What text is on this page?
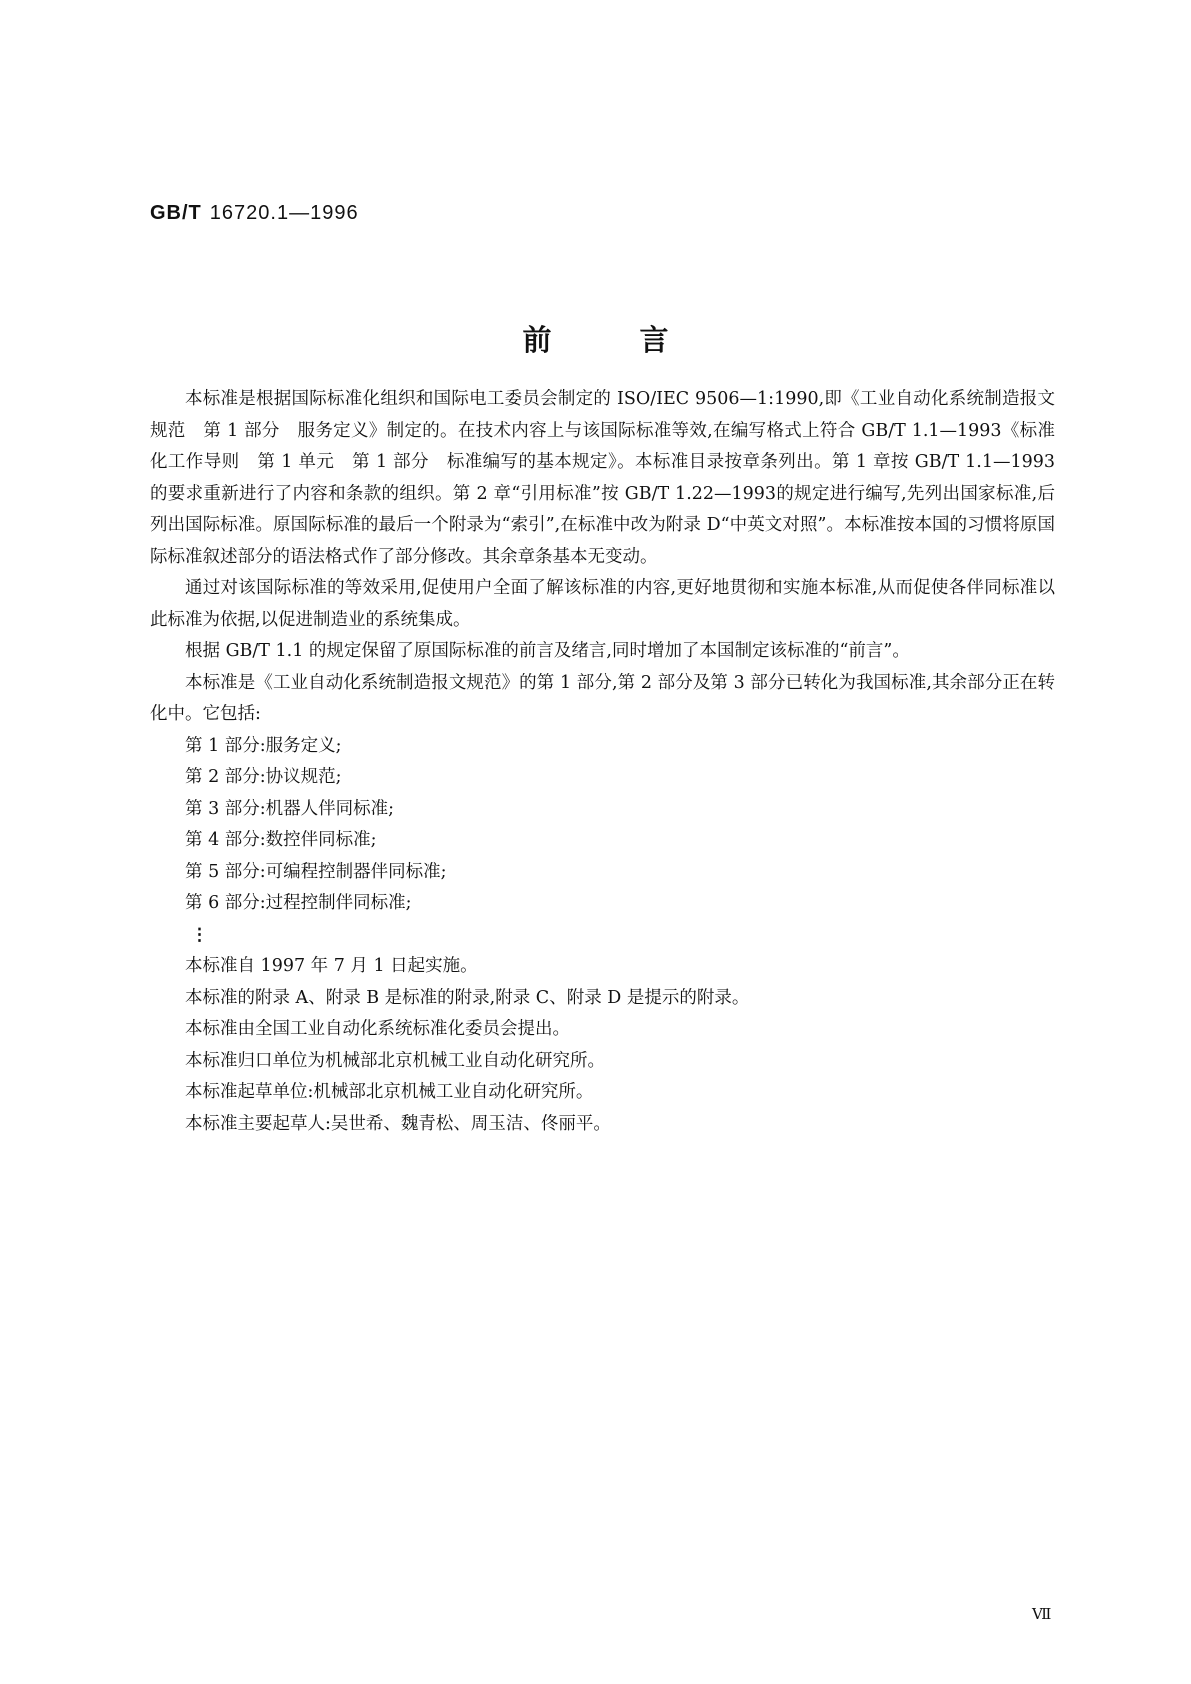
GB/T 16720.1—1996
前言

本标准是根据国际标准化组织和国际电工委员会制定的 ISO/IEC 9506—1:1990,即《工业自动化系统制造报文规范　第 1 部分　服务定义》制定的。在技术内容上与该国际标准等效,在编写格式上符合 GB/T 1.1—1993《标准化工作导则　第 1 单元　第 1 部分　标准编写的基本规定》。本标准目录按章条列出。第 1 章按 GB/T 1.1—1993 的要求重新进行了内容和条款的组织。第 2 章“引用标准”按 GB/T 1.22—1993的规定进行编写,先列出国家标准,后列出国际标准。原国际标准的最后一个附录为“索引”,在标准中改为附录 D“中英文对照”。本标准按本国的习惯将原国际标准叙述部分的语法格式作了部分修改。其余章条基本无变动。

通过对该国际标准的等效采用,促使用户全面了解该标准的内容,更好地贯彻和实施本标准,从而促使各伴同标准以此标准为依据,以促进制造业的系统集成。

根据 GB/T 1.1 的规定保留了原国际标准的前言及绪言,同时增加了本国制定该标准的“前言”。

本标准是《工业自动化系统制造报文规范》的第 1 部分,第 2 部分及第 3 部分已转化为我国标准,其余部分正在转化中。它包括:

第 1 部分:服务定义;

第 2 部分:协议规范;

第 3 部分:机器人伴同标准;

第 4 部分:数控伴同标准;

第 5 部分:可编程控制器伴同标准;

第 6 部分:过程控制伴同标准;

⋮

本标准自 1997 年 7 月 1 日起实施。

本标准的附录 A、附录 B 是标准的附录,附录 C、附录 D 是提示的附录。

本标准由全国工业自动化系统标准化委员会提出。

本标准归口单位为机械部北京机械工业自动化研究所。

本标准起草单位:机械部北京机械工业自动化研究所。

本标准主要起草人:吴世希、魏青松、周玉洁、佟丽平。

Ⅶ
